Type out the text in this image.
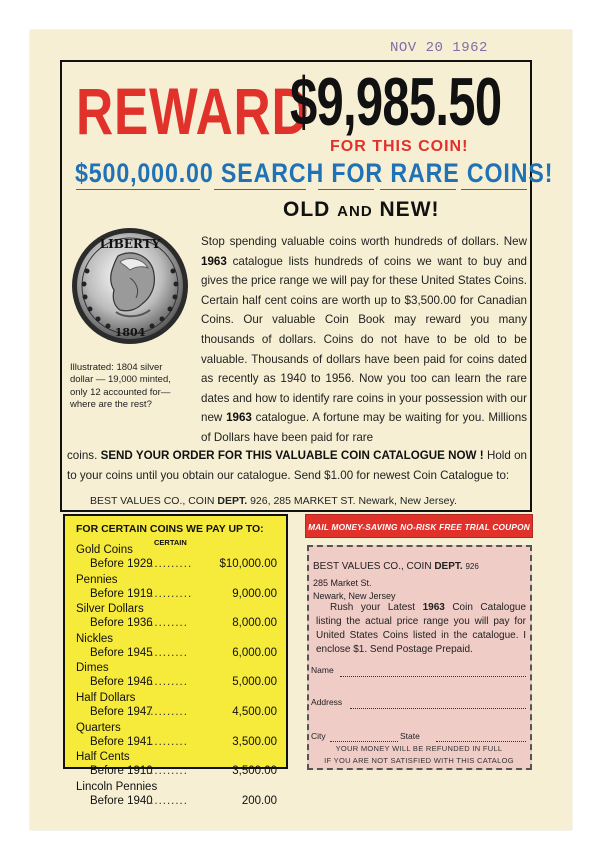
NOV 20 1962
REWARD
$9,985.50
FOR THIS COIN!
$500,000.00 SEARCH FOR RARE COINS!
OLD AND NEW!
LIBERTY
1804
Illustrated: 1804 silver dollar — 19,000 minted, only 12 accounted for— where are the rest?

Stop spending valuable coins worth hundreds of dollars. New 1963 catalogue lists hundreds of coins we want to buy and gives the price range we will pay for these United States Coins. Certain half cent coins are worth up to $3,500.00 for Canadian Coins. Our valuable Coin Book may reward you many thousands of dollars. Coins do not have to be old to be valuable. Thousands of dollars have been paid for coins dated as recently as 1940 to 1956. Now you too can learn the rare dates and how to identify rare coins in your possession with our new 1963 catalogue. A fortune may be waiting for you. Millions of Dollars have been paid for rare

coins. SEND YOUR ORDER FOR THIS VALUABLE COIN CATALOGUE NOW ! Hold on to your coins until you obtain our catalogue. Send $1.00 for newest Coin Catalogue to:

BEST VALUES CO., COIN DEPT. 926, 285 MARKET ST. Newark, New Jersey.
FOR CERTAIN COINS WE PAY UP TO:
CERTAIN
Gold Coins
Before 1929
...........	$10,000.00
Pennies
Before 1919
...........	9,000.00
Silver Dollars
Before 1936
..........	8,000.00
Nickles
Before 1945
..........	6,000.00
Dimes
Before 1946
..........	5,000.00
Half Dollars
Before 1947
..........	4,500.00
Quarters
Before 1941
..........	3,500.00
Half Cents
Before 1910
..........	3,500.00
Lincoln Pennies
Before 1940
..........	200.00
MAIL MONEY-SAVING NO-RISK FREE TRIAL COUPON
BEST VALUES CO., COIN DEPT. 926
285 Market St.
Newark, New Jersey

Rush your Latest 1963 Coin Catalogue listing the actual price range you will pay for United States Coins listed in the catalogue. I enclose $1. Send Postage Prepaid.

Name
Address
City	State
YOUR MONEY WILL BE REFUNDED IN FULL
IF YOU ARE NOT SATISFIED WITH THIS CATALOG
